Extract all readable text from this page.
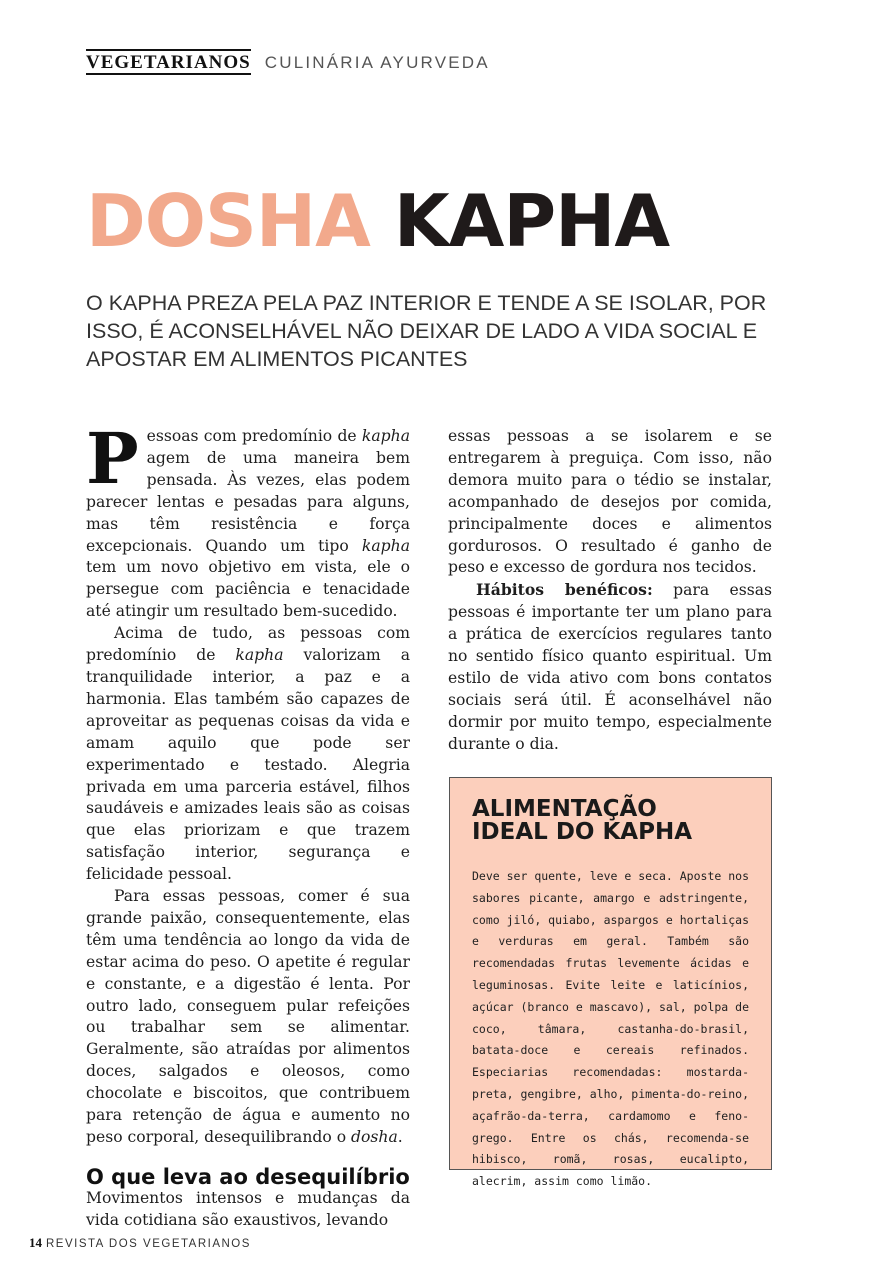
VEGETARIANOS CULINÁRIA AYURVEDA
DOSHA KAPHA
O KAPHA PREZA PELA PAZ INTERIOR E TENDE A SE ISOLAR, POR ISSO, É ACONSELHÁVEL NÃO DEIXAR DE LADO A VIDA SOCIAL E APOSTAR EM ALIMENTOS PICANTES

Pessoas com predomínio de kapha agem de uma maneira bem pensada. Às vezes, elas podem parecer lentas e pesadas para alguns, mas têm resistência e força excepcionais. Quando um tipo kapha tem um novo objetivo em vista, ele o persegue com paciência e tenacidade até atingir um resultado bem-sucedido.

Acima de tudo, as pessoas com predomínio de kapha valorizam a tranquilidade interior, a paz e a harmonia. Elas também são capazes de aproveitar as pequenas coisas da vida e amam aquilo que pode ser experimentado e testado. Alegria privada em uma parceria estável, filhos saudáveis e amizades leais são as coisas que elas priorizam e que trazem satisfação interior, segurança e felicidade pessoal.

Para essas pessoas, comer é sua grande paixão, consequentemente, elas têm uma tendência ao longo da vida de estar acima do peso. O apetite é regular e constante, e a digestão é lenta. Por outro lado, conseguem pular refeições ou trabalhar sem se alimentar. Geralmente, são atraídas por alimentos doces, salgados e oleosos, como chocolate e biscoitos, que contribuem para retenção de água e aumento no peso corporal, desequilibrando o dosha.

O que leva ao desequilíbrio

Movimentos intensos e mudanças da vida cotidiana são exaustivos, levando

essas pessoas a se isolarem e se entregarem à preguiça. Com isso, não demora muito para o tédio se instalar, acompanhado de desejos por comida, principalmente doces e alimentos gordurosos. O resultado é ganho de peso e excesso de gordura nos tecidos.

Hábitos benéficos: para essas pessoas é importante ter um plano para a prática de exercícios regulares tanto no sentido físico quanto espiritual. Um estilo de vida ativo com bons contatos sociais será útil. É aconselhável não dormir por muito tempo, especialmente durante o dia.

ALIMENTAÇÃO
IDEAL DO KAPHA

Deve ser quente, leve e seca. Aposte nos sabores picante, amargo e adstringente, como jiló, quiabo, aspargos e hortaliças e verduras em geral. Também são recomendadas frutas levemente ácidas e leguminosas. Evite leite e laticínios, açúcar (branco e mascavo), sal, polpa de coco, tâmara, castanha-do-brasil, batata-doce e cereais refinados. Especiarias recomendadas: mostarda-preta, gengibre, alho, pimenta-do-reino, açafrão-da-terra, cardamomo e feno-grego. Entre os chás, recomenda-se hibisco, romã, rosas, eucalipto, alecrim, assim como limão.

14 REVISTA DOS VEGETARIANOS
